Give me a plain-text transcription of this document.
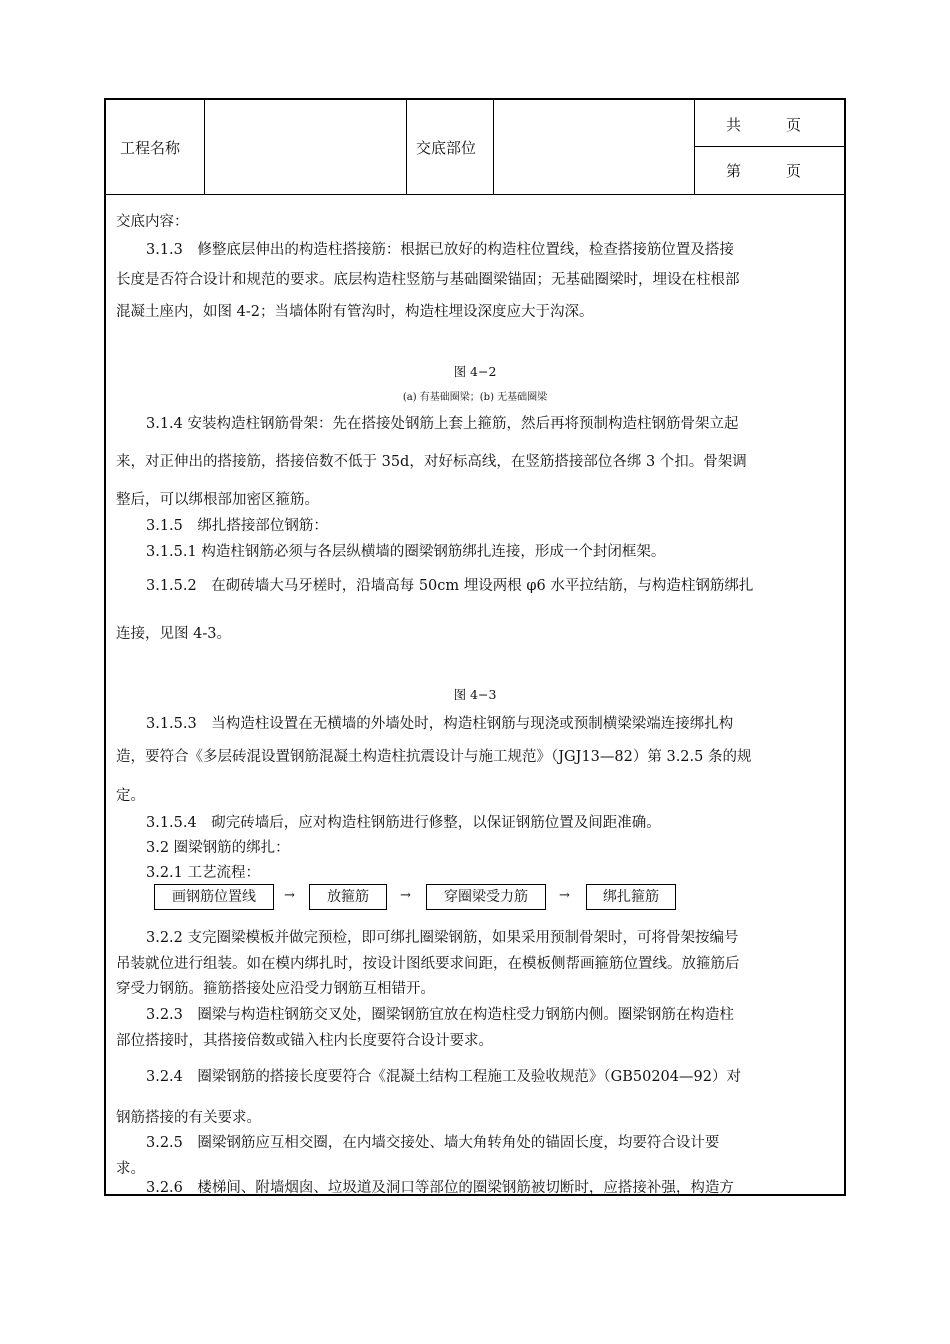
工程名称	交底部位
共　　　页
第　　　页

交底内容：

3.1.3　修整底层伸出的构造柱搭接筋：根据已放好的构造柱位置线，检查搭接筋位置及搭接

长度是否符合设计和规范的要求。底层构造柱竖筋与基础圈梁锚固；无基础圈梁时，埋设在柱根部

混凝土座内，如图 4-2；当墙体附有管沟时，构造柱埋设深度应大于沟深。

图 4−2

(a) 有基础圈梁；(b) 无基础圈梁

3.1.4 安装构造柱钢筋骨架：先在搭接处钢筋上套上箍筋，然后再将预制构造柱钢筋骨架立起

来，对正伸出的搭接筋，搭接倍数不低于 35d，对好标高线，在竖筋搭接部位各绑 3 个扣。骨架调

整后，可以绑根部加密区箍筋。

3.1.5　绑扎搭接部位钢筋：

3.1.5.1 构造柱钢筋必须与各层纵横墙的圈梁钢筋绑扎连接，形成一个封闭框架。

3.1.5.2　在砌砖墙大马牙槎时，沿墙高每 50cm 埋设两根 φ6 水平拉结筋，与构造柱钢筋绑扎

连接，见图 4-3。

图 4−3

3.1.5.3　当构造柱设置在无横墙的外墙处时，构造柱钢筋与现浇或预制横梁梁端连接绑扎构

造，要符合《多层砖混设置钢筋混凝土构造柱抗震设计与施工规范》（JGJ13—82）第 3.2.5 条的规

定。

3.1.5.4　砌完砖墙后，应对构造柱钢筋进行修整，以保证钢筋位置及间距准确。

3.2 圈梁钢筋的绑扎：

3.2.1 工艺流程：

画钢筋位置线	→	放箍筋	→	穿圈梁受力筋	→	绑扎箍筋

3.2.2 支完圈梁模板并做完预检，即可绑扎圈梁钢筋，如果采用预制骨架时，可将骨架按编号

吊装就位进行组装。如在模内绑扎时，按设计图纸要求间距，在模板侧帮画箍筋位置线。放箍筋后

穿受力钢筋。箍筋搭接处应沿受力钢筋互相错开。

3.2.3　圈梁与构造柱钢筋交叉处，圈梁钢筋宜放在构造柱受力钢筋内侧。圈梁钢筋在构造柱

部位搭接时，其搭接倍数或锚入柱内长度要符合设计要求。

3.2.4　圈梁钢筋的搭接长度要符合《混凝土结构工程施工及验收规范》（GB50204—92）对

钢筋搭接的有关要求。

3.2.5　圈梁钢筋应互相交圈，在内墙交接处、墙大角转角处的锚固长度，均要符合设计要

求。

3.2.6　楼梯间、附墙烟囱、垃圾道及洞口等部位的圈梁钢筋被切断时，应搭接补强，构造方
